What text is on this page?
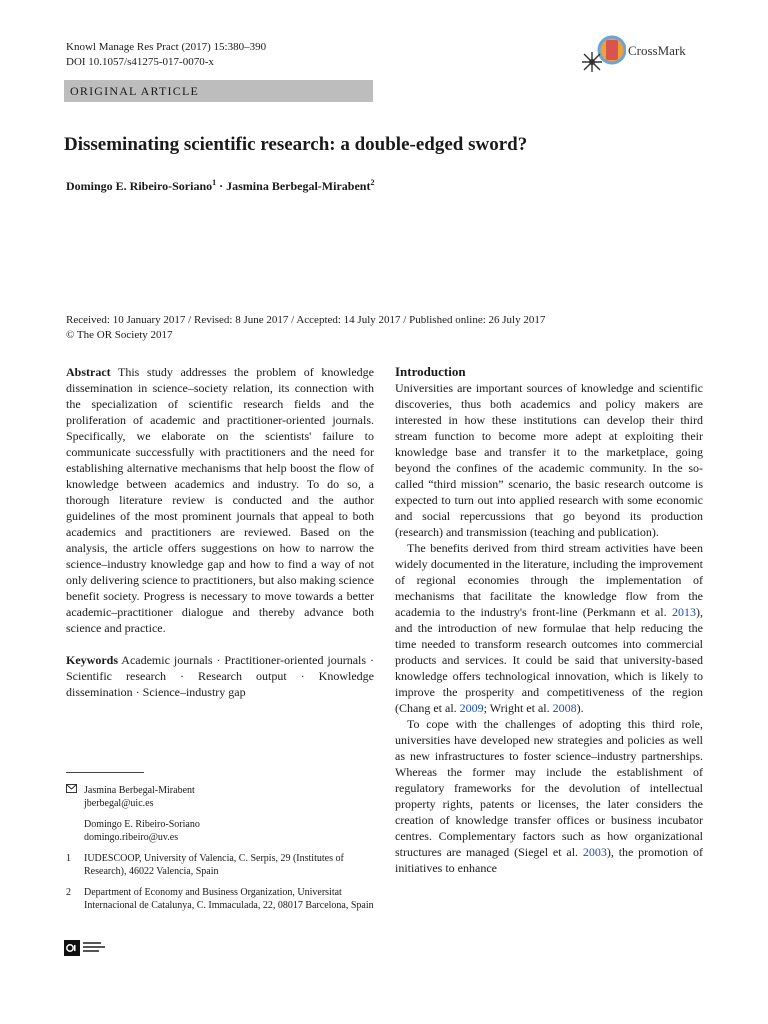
Knowl Manage Res Pract (2017) 15:380–390
DOI 10.1057/s41275-017-0070-x
CrossMark
ORIGINAL ARTICLE
Disseminating scientific research: a double-edged sword?
Domingo E. Ribeiro-Soriano$^1$ · Jasmina Berbegal-Mirabent$^2$
Received: 10 January 2017 / Revised: 8 June 2017 / Accepted: 14 July 2017 / Published online: 26 July 2017
© The OR Society 2017

Abstract This study addresses the problem of knowledge dissemination in science–society relation, its connection with the specialization of scientific research fields and the proliferation of academic and practitioner-oriented journals. Specifically, we elaborate on the scientists' failure to communicate successfully with practitioners and the need for establishing alternative mechanisms that help boost the flow of knowledge between academics and industry. To do so, a thorough literature review is conducted and the author guidelines of the most prominent journals that appeal to both academics and practitioners are reviewed. Based on the analysis, the article offers suggestions on how to narrow the science–industry knowledge gap and how to find a way of not only delivering science to practitioners, but also making science benefit society. Progress is necessary to move towards a better academic–practitioner dialogue and thereby advance both science and practice.

Keywords Academic journals · Practitioner-oriented journals · Scientific research · Research output · Knowledge dissemination · Science–industry gap

Jasmina Berbegal-Mirabent
jberbegal@uic.es
Domingo E. Ribeiro-Soriano
domingo.ribeiro@uv.es
1	IUDESCOOP, University of Valencia, C. Serpis, 29 (Institutes of Research), 46022 Valencia, Spain
2	Department of Economy and Business Organization, Universitat Internacional de Catalunya, C. Immaculada, 22, 08017 Barcelona, Spain

Introduction

Universities are important sources of knowledge and scientific discoveries, thus both academics and policy makers are interested in how these institutions can develop their third stream function to become more adept at exploiting their knowledge base and transfer it to the marketplace, going beyond the confines of the academic community. In the so-called “third mission” scenario, the basic research outcome is expected to turn out into applied research with some economic and social repercussions that go beyond its production (research) and transmission (teaching and publication).

The benefits derived from third stream activities have been widely documented in the literature, including the improvement of regional economies through the implementation of mechanisms that facilitate the knowledge flow from the academia to the industry's front-line (Perkmann et al. 2013), and the introduction of new formulae that help reducing the time needed to transform research outcomes into commercial products and services. It could be said that university-based knowledge offers technological innovation, which is likely to improve the prosperity and competitiveness of the region (Chang et al. 2009; Wright et al. 2008).

To cope with the challenges of adopting this third role, universities have developed new strategies and policies as well as new infrastructures to foster science–industry partnerships. Whereas the former may include the establishment of regulatory frameworks for the devolution of intellectual property rights, patents or licenses, the later considers the creation of knowledge transfer offices or business incubator centres. Complementary factors such as how organizational structures are managed (Siegel et al. 2003), the promotion of initiatives to enhance
